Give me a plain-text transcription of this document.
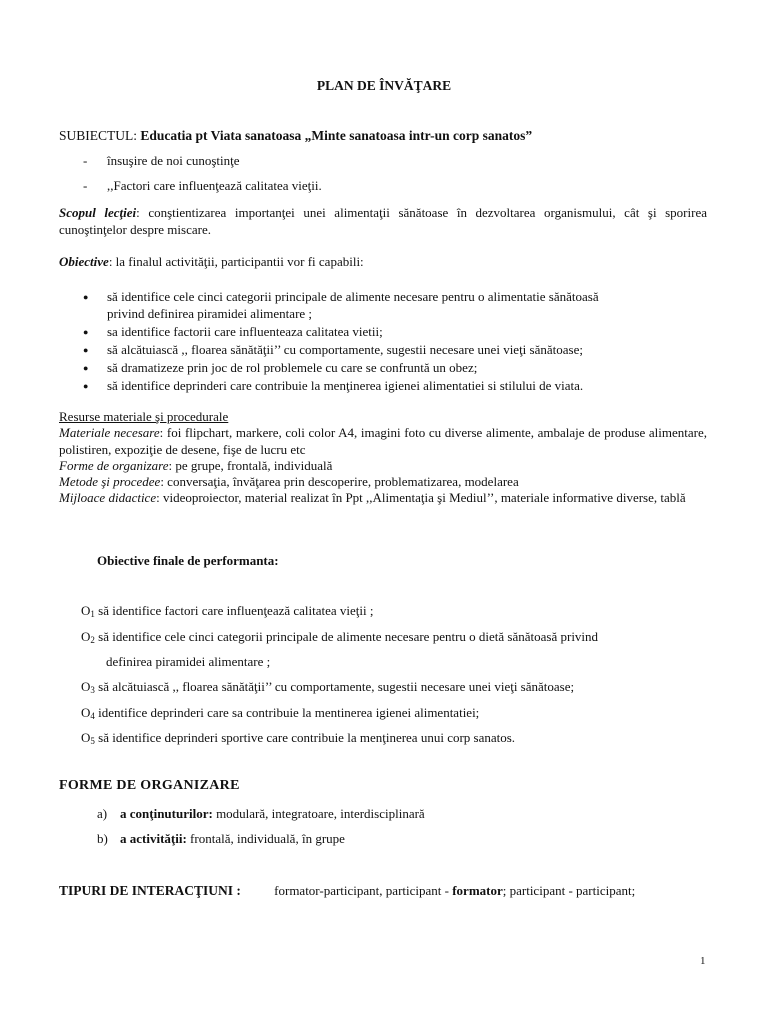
PLAN DE ÎNVĂŢARE
SUBIECTUL: Educatia pt Viata sanatoasa „Minte sanatoasa intr-un corp sanatos”
- însuşire de noi cunoştinţe
- ,,Factori care influenţează calitatea vieţii.
Scopul lecţiei: conştientizarea importanţei unei alimentaţii sănătoase în dezvoltarea organismului, cât şi sporirea cunoştinţelor despre miscare.
Obiective: la finalul activităţii, participantii vor fi capabili:
● să identifice cele cinci categorii principale de alimente necesare pentru o alimentatie sănătoasă
privind definirea piramidei alimentare ;
● sa identifice factorii care influenteaza calitatea vietii;
● să alcătuiască ,, floarea sănătăţii’’ cu comportamente, sugestii necesare unei vieţi sănătoase;
● să dramatizeze prin joc de rol problemele cu care se confruntă un obez;
● să identifice deprinderi care contribuie la menţinerea igienei alimentatiei si stilului de viata.
Resurse materiale şi procedurale
Materiale necesare: foi flipchart, markere, coli color A4, imagini foto cu diverse alimente, ambalaje de produse alimentare, polistiren, expoziţie de desene, fişe de lucru etc
Forme de organizare: pe grupe, frontală, individuală
Metode şi procedee: conversaţia, învăţarea prin descoperire, problematizarea, modelarea
Mijloace didactice: videoproiector, material realizat în Ppt ,,Alimentaţia şi Mediul’’, materiale informative diverse, tablă
Obiective finale de performanta:
$O_1$ să identifice factori care influenţează calitatea vieţii ;
$O_2$ să identifice cele cinci categorii principale de alimente necesare pentru o dietă sănătoasă privind
definirea piramidei alimentare ;
$O_3$ să alcătuiască ,, floarea sănătăţii’’ cu comportamente, sugestii necesare unei vieţi sănătoase;
$O_4$ identifice deprinderi care sa contribuie la mentinerea igienei alimentatiei;
$O_5$ să identifice deprinderi sportive care contribuie la menţinerea unui corp sanatos.
FORME DE ORGANIZARE
a) a conţinuturilor: modulară, integratoare, interdisciplinară
b) a activităţii: frontală, individuală, în grupe
TIPURI DE INTERACŢIUNI :	formator-participant, participant - formator; participant - participant;
1
